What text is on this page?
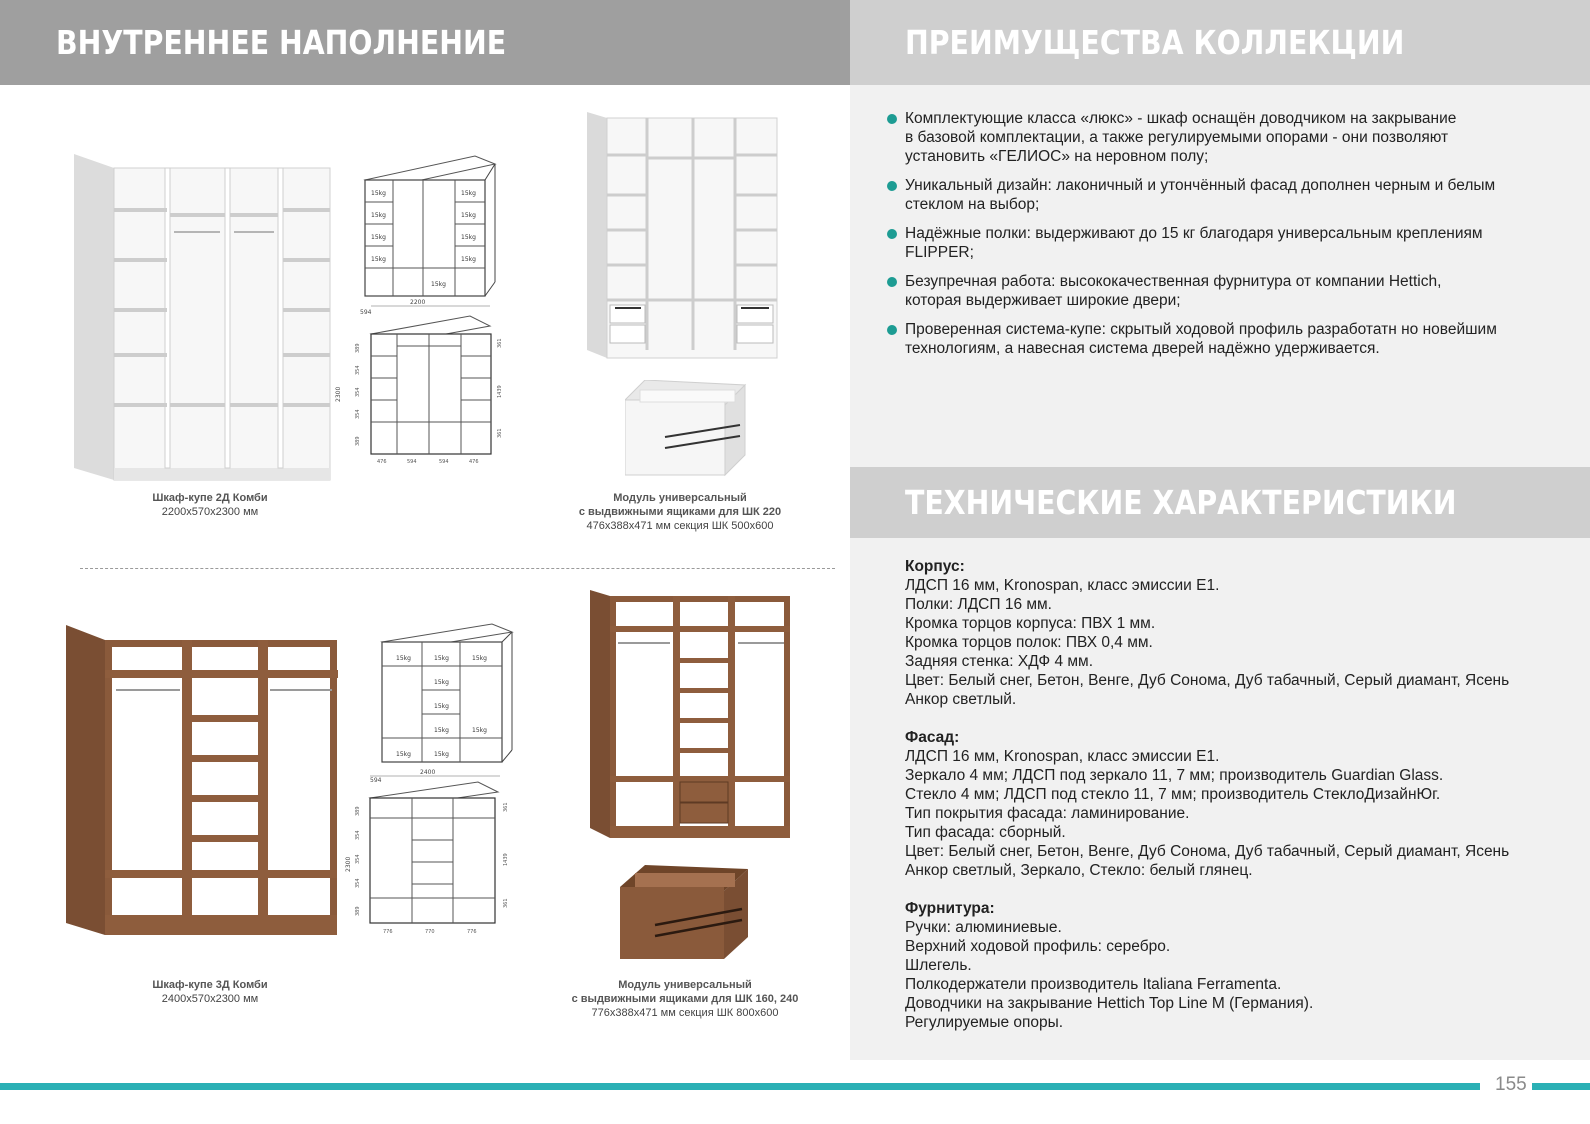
ВНУТРЕННЕЕ НАПОЛНЕНИЕ	ПРЕИМУЩЕСТВА КОЛЛЕКЦИИ
Комплектующие класса «люкс» - шкаф оснащён доводчиком на закрывание
в базовой комплектации, а также регулируемыми опорами - они позволяют
установить «ГЕЛИОС» на неровном полу;
Уникальный дизайн: лаконичный и утончённый фасад дополнен черным и белым
стеклом на выбор;
Надёжные полки: выдерживают до 15 кг благодаря универсальным креплениям
FLIPPER;
Безупречная работа: высококачественная фурнитура от компании Hettich,
которая выдерживает широкие двери;
Проверенная система-купе: скрытый ходовой профиль разработатн но новейшим
технологиям, а навесная система дверей надёжно удерживается.
ТЕХНИЧЕСКИЕ ХАРАКТЕРИСТИКИ
Корпус:
ЛДСП 16 мм, Kronospan, класс эмиссии Е1.
Полки: ЛДСП 16 мм.
Кромка торцов корпуса: ПВХ 1 мм.
Кромка торцов полок: ПВХ 0,4 мм.
Задняя стенка: ХДФ 4 мм.
Цвет: Белый снег, Бетон, Венге, Дуб Сонома, Дуб табачный, Серый диамант, Ясень
Анкор светлый.
Фасад:
ЛДСП 16 мм, Kronospan, класс эмиссии Е1.
Зеркало 4 мм; ЛДСП под зеркало 11, 7 мм; производитель Guardian Glass.
Стекло 4 мм; ЛДСП под стекло 11, 7 мм; производитель СтеклоДизайнЮг.
Тип покрытия фасада: ламинирование.
Тип фасада: сборный.
Цвет: Белый снег, Бетон, Венге, Дуб Сонома, Дуб табачный, Серый диамант, Ясень
Анкор светлый, Зеркало, Стекло: белый глянец.
Фурнитура:
Ручки: алюминиевые.
Верхний ходовой профиль: серебро.
Шлегель.
Полкодержатели производитель Italiana Ferramenta.
Доводчики на закрывание Hettich Top Line M (Германия).
Регулируемые опоры.
Шкаф-купе 2Д Комби
2200x570x2300 мм
15kg
15kg
15kg
15kg
15kg
15kg
15kg
15kg
15kg
2200
594
2300
389
354
354
354
389
361
1439
361
476	594	594	476
Модуль универсальный
с выдвижными ящиками для ШК 220
476x388x471 мм секция ШК 500x600
Шкаф-купе 3Д Комби
2400x570x2300 мм
15kg	15kg	15kg
15kg
15kg
15kg	15kg
15kg	15kg
2400
594
2300
389
354
354
354
389
361
1439
361
776	770	776
Модуль универсальный
с выдвижными ящиками для ШК 160, 240
776x388x471 мм секция ШК 800x600
155
